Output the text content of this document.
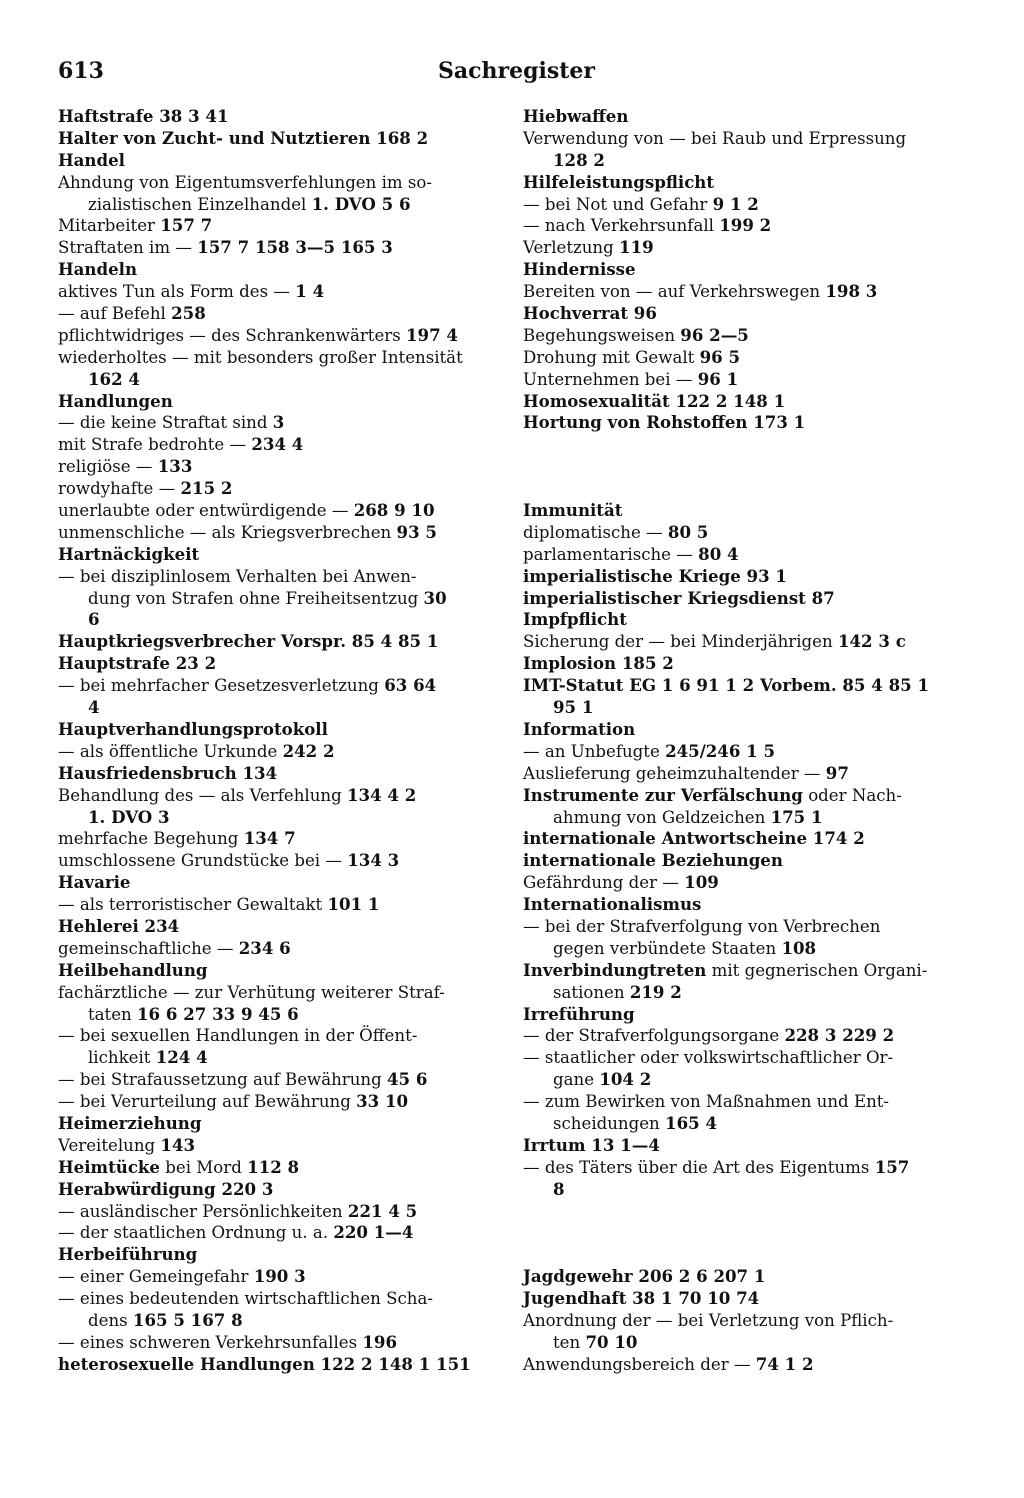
613	Sachregister
Haftstrafe 38 3 41
Halter von Zucht- und Nutztieren 168 2
Handel
Ahndung von Eigentumsverfehlungen im so-
zialistischen Einzelhandel 1. DVO 5 6
Mitarbeiter 157 7
Straftaten im — 157 7 158 3—5 165 3
Handeln
aktives Tun als Form des — 1 4
— auf Befehl 258
pflichtwidriges — des Schrankenwärters 197 4
wiederholtes — mit besonders großer Intensität
162 4
Handlungen
— die keine Straftat sind 3
mit Strafe bedrohte — 234 4
religiöse — 133
rowdyhafte — 215 2
unerlaubte oder entwürdigende — 268 9 10
unmenschliche — als Kriegsverbrechen 93 5
Hartnäckigkeit
— bei disziplinlosem Verhalten bei Anwen-
dung von Strafen ohne Freiheitsentzug 30
6
Hauptkriegsverbrecher Vorspr. 85 4 85 1
Hauptstrafe 23 2
— bei mehrfacher Gesetzesverletzung 63 64
4
Hauptverhandlungsprotokoll
— als öffentliche Urkunde 242 2
Hausfriedensbruch 134
Behandlung des — als Verfehlung 134 4 2
1. DVO 3
mehrfache Begehung 134 7
umschlossene Grundstücke bei — 134 3
Havarie
— als terroristischer Gewaltakt 101 1
Hehlerei 234
gemeinschaftliche — 234 6
Heilbehandlung
fachärztliche — zur Verhütung weiterer Straf-
taten 16 6 27 33 9 45 6
— bei sexuellen Handlungen in der Öffent-
lichkeit 124 4
— bei Strafaussetzung auf Bewährung 45 6
— bei Verurteilung auf Bewährung 33 10
Heimerziehung
Vereitelung 143
Heimtücke bei Mord 112 8
Herabwürdigung 220 3
— ausländischer Persönlichkeiten 221 4 5
— der staatlichen Ordnung u. a. 220 1—4
Herbeiführung
— einer Gemeingefahr 190 3
— eines bedeutenden wirtschaftlichen Scha-
dens 165 5 167 8
— eines schweren Verkehrsunfalles 196
heterosexuelle Handlungen 122 2 148 1 151
Hiebwaffen
Verwendung von — bei Raub und Erpressung
128 2
Hilfeleistungspflicht
— bei Not und Gefahr 9 1 2
— nach Verkehrsunfall 199 2
Verletzung 119
Hindernisse
Bereiten von — auf Verkehrswegen 198 3
Hochverrat 96
Begehungsweisen 96 2—5
Drohung mit Gewalt 96 5
Unternehmen bei — 96 1
Homosexualität 122 2 148 1
Hortung von Rohstoffen 173 1
Immunität
diplomatische — 80 5
parlamentarische — 80 4
imperialistische Kriege 93 1
imperialistischer Kriegsdienst 87
Impfpflicht
Sicherung der — bei Minderjährigen 142 3 c
Implosion 185 2
IMT-Statut EG 1 6 91 1 2 Vorbem. 85 4 85 1
95 1
Information
— an Unbefugte 245/246 1 5
Auslieferung geheimzuhaltender — 97
Instrumente zur Verfälschung oder Nach-
ahmung von Geldzeichen 175 1
internationale Antwortscheine 174 2
internationale Beziehungen
Gefährdung der — 109
Internationalismus
— bei der Strafverfolgung von Verbrechen
gegen verbündete Staaten 108
Inverbindungtreten mit gegnerischen Organi-
sationen 219 2
Irreführung
— der Strafverfolgungsorgane 228 3 229 2
— staatlicher oder volkswirtschaftlicher Or-
gane 104 2
— zum Bewirken von Maßnahmen und Ent-
scheidungen 165 4
Irrtum 13 1—4
— des Täters über die Art des Eigentums 157
8
Jagdgewehr 206 2 6 207 1
Jugendhaft 38 1 70 10 74
Anordnung der — bei Verletzung von Pflich-
ten 70 10
Anwendungsbereich der — 74 1 2
